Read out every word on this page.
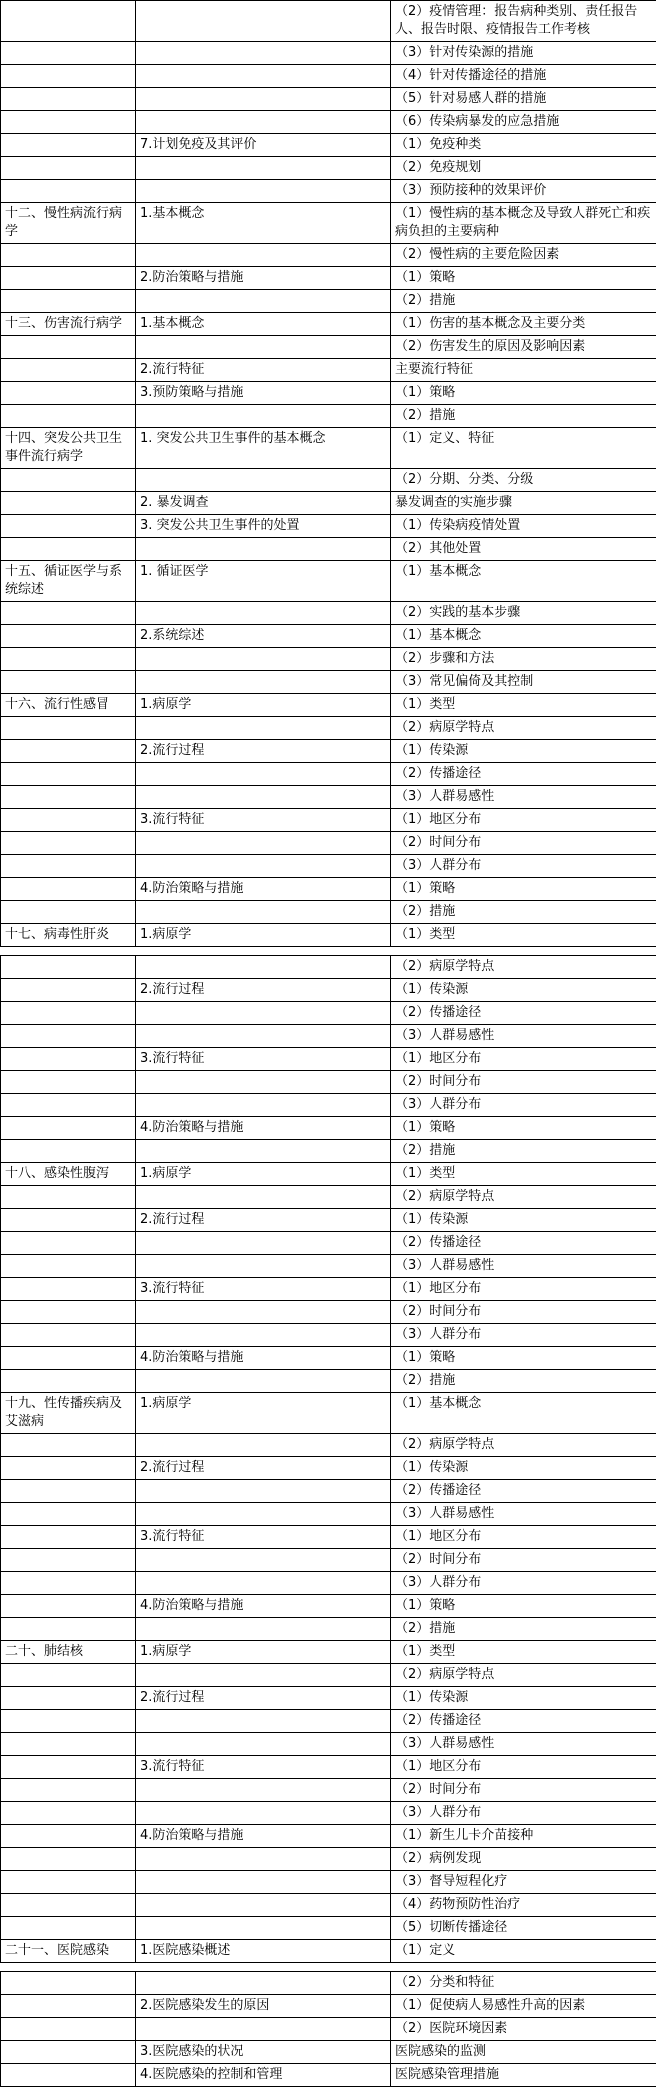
		（2）疫情管理：报告病种类别、责任报告人、报告时限、疫情报告工作考核
		（3）针对传染源的措施
		（4）针对传播途径的措施
		（5）针对易感人群的措施
		（6）传染病暴发的应急措施
	7.计划免疫及其评价	（1）免疫种类
		（2）免疫规划
		（3）预防接种的效果评价
十二、慢性病流行病学	1.基本概念	（1）慢性病的基本概念及导致人群死亡和疾病负担的主要病种
		（2）慢性病的主要危险因素
	2.防治策略与措施	（1）策略
		（2）措施
十三、伤害流行病学	1.基本概念	（1）伤害的基本概念及主要分类
		（2）伤害发生的原因及影响因素
	2.流行特征	主要流行特征
	3.预防策略与措施	（1）策略
		（2）措施
十四、突发公共卫生事件流行病学	1. 突发公共卫生事件的基本概念	（1）定义、特征
		（2）分期、分类、分级
	2. 暴发调查	暴发调查的实施步骤
	3. 突发公共卫生事件的处置	（1）传染病疫情处置
		（2）其他处置
十五、循证医学与系统综述	1. 循证医学	（1）基本概念
		（2）实践的基本步骤
	2.系统综述	（1）基本概念
		（2）步骤和方法
		（3）常见偏倚及其控制
十六、流行性感冒	1.病原学	（1）类型
		（2）病原学特点
	2.流行过程	（1）传染源
		（2）传播途径
		（3）人群易感性
	3.流行特征	（1）地区分布
		（2）时间分布
		（3）人群分布
	4.防治策略与措施	（1）策略
		（2）措施
十七、病毒性肝炎	1.病原学	（1）类型
		（2）病原学特点
	2.流行过程	（1）传染源
		（2）传播途径
		（3）人群易感性
	3.流行特征	（1）地区分布
		（2）时间分布
		（3）人群分布
	4.防治策略与措施	（1）策略
		（2）措施
十八、感染性腹泻	1.病原学	（1）类型
		（2）病原学特点
	2.流行过程	（1）传染源
		（2）传播途径
		（3）人群易感性
	3.流行特征	（1）地区分布
		（2）时间分布
		（3）人群分布
	4.防治策略与措施	（1）策略
		（2）措施
十九、性传播疾病及艾滋病	1.病原学	（1）基本概念
		（2）病原学特点
	2.流行过程	（1）传染源
		（2）传播途径
		（3）人群易感性
	3.流行特征	（1）地区分布
		（2）时间分布
		（3）人群分布
	4.防治策略与措施	（1）策略
		（2）措施
二十、肺结核	1.病原学	（1）类型
		（2）病原学特点
	2.流行过程	（1）传染源
		（2）传播途径
		（3）人群易感性
	3.流行特征	（1）地区分布
		（2）时间分布
		（3）人群分布
	4.防治策略与措施	（1）新生儿卡介苗接种
		（2）病例发现
		（3）督导短程化疗
		（4）药物预防性治疗
		（5）切断传播途径
二十一、医院感染	1.医院感染概述	（1）定义
		（2）分类和特征
	2.医院感染发生的原因	（1）促使病人易感性升高的因素
		（2）医院环境因素
	3.医院感染的状况	医院感染的监测
	4.医院感染的控制和管理	医院感染管理措施
